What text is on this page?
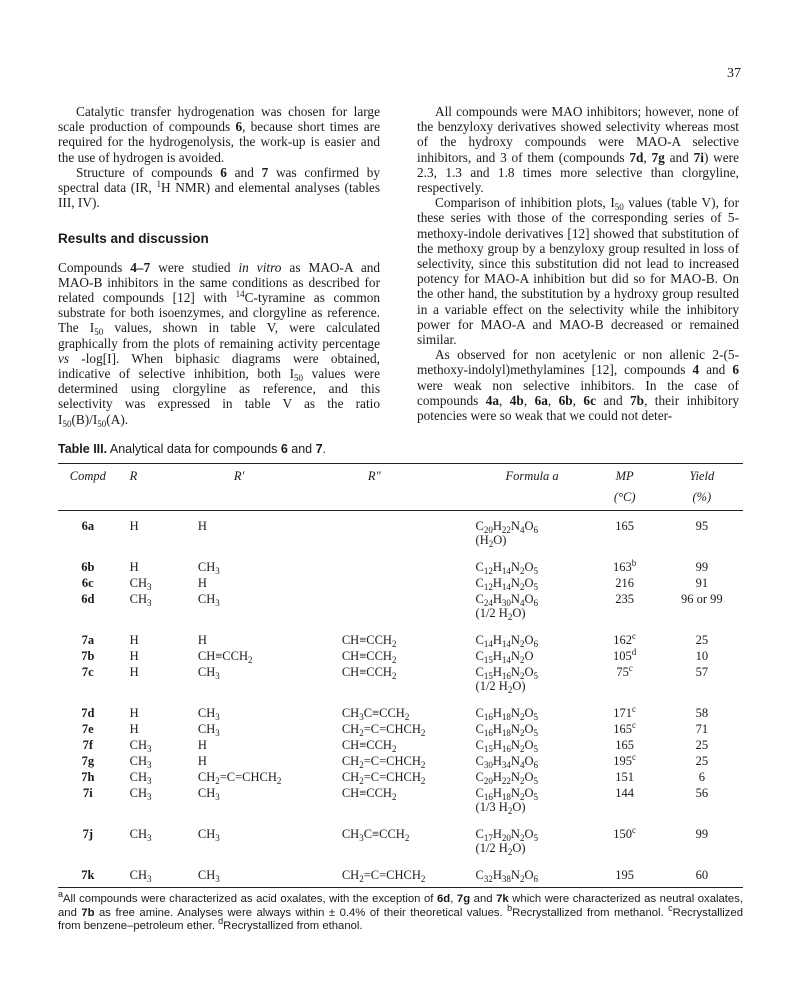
37

Catalytic transfer hydrogenation was chosen for large scale production of compounds 6, because short times are required for the hydrogenolysis, the work-up is easier and the use of hydrogen is avoided.

Structure of compounds 6 and 7 was confirmed by spectral data (IR, $^1$H NMR) and elemental analyses (tables III, IV).

Results and discussion

Compounds 4–7 were studied in vitro as MAO-A and MAO-B inhibitors in the same conditions as described for related compounds [12] with $^{14}$C-tyramine as common substrate for both isoenzymes, and clorgyline as reference. The $I_{50}$ values, shown in table V, were calculated graphically from the plots of remaining activity percentage vs -log[I]. When biphasic diagrams were obtained, indicative of selective inhibition, both $I_{50}$ values were determined using clorgyline as reference, and this selectivity was expressed in table V as the ratio $I_{50}(B)/I_{50}(A)$.

All compounds were MAO inhibitors; however, none of the benzyloxy derivatives showed selectivity whereas most of the hydroxy compounds were MAO-A selective inhibitors, and 3 of them (compounds 7d, 7g and 7i) were 2.3, 1.3 and 1.8 times more selective than clorgyline, respectively.

Comparison of inhibition plots, $I_{50}$ values (table V), for these series with those of the corresponding series of 5-methoxy-indole derivatives [12] showed that substitution of the methoxy group by a benzyloxy group resulted in loss of selectivity, since this substitution did not lead to increased potency for MAO-A inhibition but did so for MAO-B. On the other hand, the substitution by a hydroxy group resulted in a variable effect on the selectivity while the inhibitory power for MAO-A and MAO-B decreased or remained similar.

As observed for non acetylenic or non allenic 2-(5-methoxy-indolyl)methylamines [12], compounds 4 and 6 were weak non selective inhibitors. In the case of compounds 4a, 4b, 6a, 6b, 6c and 7b, their inhibitory potencies were so weak that we could not deter-

Table III. Analytical data for compounds 6 and 7.
Compd	R	R'	R"	Formula a	MP	Yield
					(°C)	(%)
6a	H	H		$C_{20}H_{22}N_4O_6$
$(H_2O)$	165	95
6b	H	$CH_3$		$C_{12}H_{14}N_2O_5$	163$^b$	99
6c	$CH_3$	H		$C_{12}H_{14}N_2O_5$	216	91
6d	$CH_3$	$CH_3$		$C_{24}H_{30}N_4O_6$
(1/2 $H_2O$)	235	96 or 99
7a	H	H	$CH\equiv CCH_2$	$C_{14}H_{14}N_2O_6$	162$^c$	25
7b	H	$CH\equiv CCH_2$	$CH\equiv CCH_2$	$C_{15}H_{14}N_2O$	105$^d$	10
7c	H	$CH_3$	$CH\equiv CCH_2$	$C_{15}H_{16}N_2O_5$
(1/2 $H_2O$)	75$^c$	57
7d	H	$CH_3$	$CH_3C\equiv CCH_2$	$C_{16}H_{18}N_2O_5$	171$^c$	58
7e	H	$CH_3$	$CH_2=C=CHCH_2$	$C_{16}H_{18}N_2O_5$	165$^c$	71
7f	$CH_3$	H	$CH\equiv CCH_2$	$C_{15}H_{16}N_2O_5$	165	25
7g	$CH_3$	H	$CH_2=C=CHCH_2$	$C_{30}H_{34}N_4O_6$	195$^c$	25
7h	$CH_3$	$CH_2=C=CHCH_2$	$CH_2=C=CHCH_2$	$C_{20}H_{22}N_2O_5$	151	6
7i	$CH_3$	$CH_3$	$CH\equiv CCH_2$	$C_{16}H_{18}N_2O_5$
(1/3 $H_2O$)	144	56
7j	$CH_3$	$CH_3$	$CH_3C\equiv CCH_2$	$C_{17}H_{20}N_2O_5$
(1/2 $H_2O$)	150$^c$	99
7k	$CH_3$	$CH_3$	$CH_2=C=CHCH_2$	$C_{32}H_{38}N_2O_6$	195	60
$^a$All compounds were characterized as acid oxalates, with the exception of 6d, 7g and 7k which were characterized as neutral oxalates, and 7b as free amine. Analyses were always within ± 0.4% of their theoretical values. $^b$Recrystallized from methanol. $^c$Recrystallized from benzene–petroleum ether. $^d$Recrystallized from ethanol.
